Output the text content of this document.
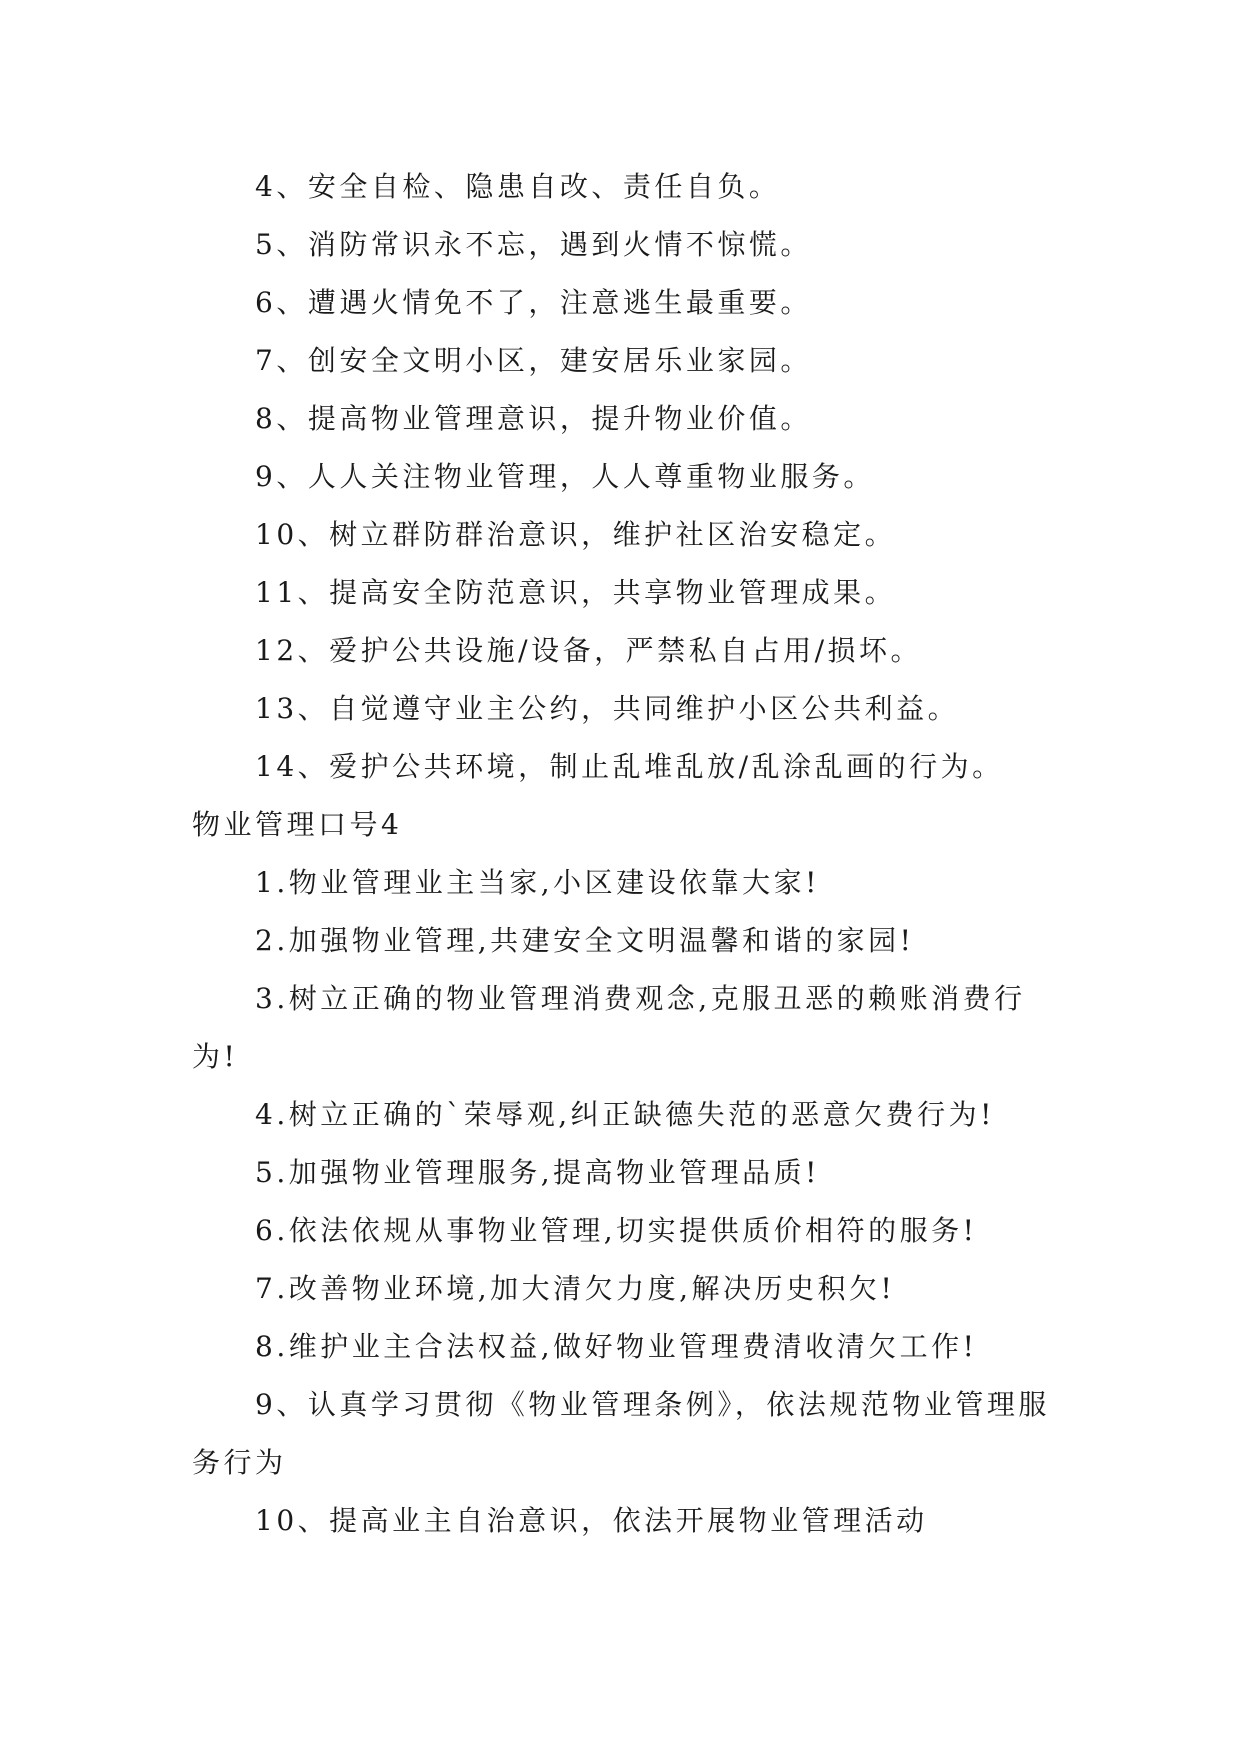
4、安全自检、隐患自改、责任自负。

5、消防常识永不忘，遇到火情不惊慌。

6、遭遇火情免不了，注意逃生最重要。

7、创安全文明小区，建安居乐业家园。

8、提高物业管理意识，提升物业价值。

9、人人关注物业管理，人人尊重物业服务。

10、树立群防群治意识，维护社区治安稳定。

11、提高安全防范意识，共享物业管理成果。

12、爱护公共设施/设备，严禁私自占用/损坏。

13、自觉遵守业主公约，共同维护小区公共利益。

14、爱护公共环境，制止乱堆乱放/乱涂乱画的行为。

物业管理口号4

1.物业管理业主当家,小区建设依靠大家!

2.加强物业管理,共建安全文明温馨和谐的家园!

3.树立正确的物业管理消费观念,克服丑恶的赖账消费行为!

4.树立正确的`荣辱观,纠正缺德失范的恶意欠费行为!

5.加强物业管理服务,提高物业管理品质!

6.依法依规从事物业管理,切实提供质价相符的服务!

7.改善物业环境,加大清欠力度,解决历史积欠!

8.维护业主合法权益,做好物业管理费清收清欠工作!

9、认真学习贯彻《物业管理条例》，依法规范物业管理服务行为

10、提高业主自治意识，依法开展物业管理活动
